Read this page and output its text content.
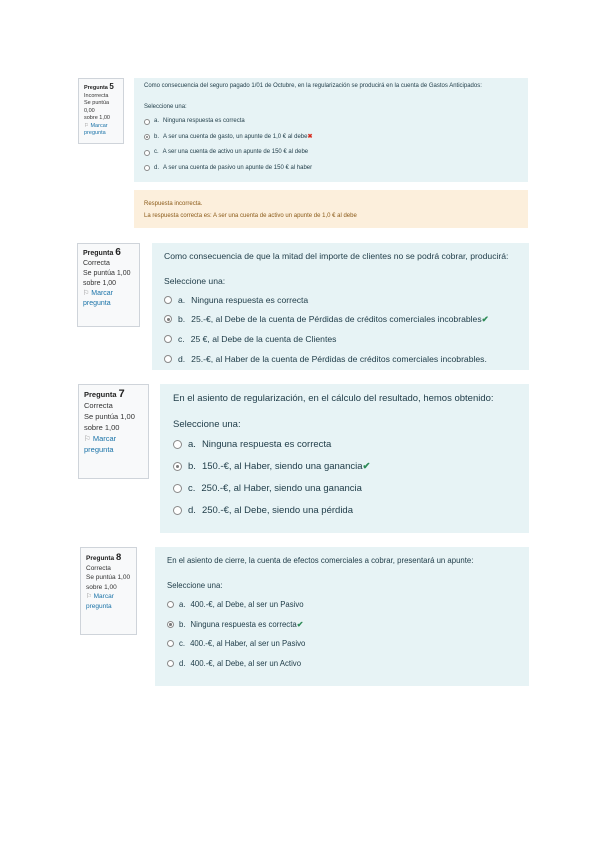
Pregunta 5
Incorrecta
Se puntúa 0,00
sobre 1,00
⚐ Marcar
pregunta
Como consecuencia del seguro pagado 1/01 de Octubre, en la regularización se producirá en la cuenta de Gastos Anticipados:
Seleccione una:
a. Ninguna respuesta es correcta
b. A ser una cuenta de gasto, un apunte de 1,0 € al debe✖
c. A ser una cuenta de activo un apunte de 150 € al debe
d. A ser una cuenta de pasivo un apunte de 150 € al haber
Respuesta incorrecta.
La respuesta correcta es: A ser una cuenta de activo un apunte de 1,0 € al debe
Pregunta 6
Correcta
Se puntúa 1,00
sobre 1,00
⚐ Marcar
pregunta
Como consecuencia de que la mitad del importe de clientes no se podrá cobrar, producirá:
Seleccione una:
a. Ninguna respuesta es correcta
b. 25.-€, al Debe de la cuenta de Pérdidas de créditos comerciales incobrables✔
c. 25 €, al Debe de la cuenta de Clientes
d. 25.-€, al Haber de la cuenta de Pérdidas de créditos comerciales incobrables.
Pregunta 7
Correcta
Se puntúa 1,00
sobre 1,00
⚐ Marcar
pregunta
En el asiento de regularización, en el cálculo del resultado, hemos obtenido:
Seleccione una:
a. Ninguna respuesta es correcta
b. 150.-€, al Haber, siendo una ganancia✔
c. 250.-€, al Haber, siendo una ganancia
d. 250.-€, al Debe, siendo una pérdida
Pregunta 8
Correcta
Se puntúa 1,00
sobre 1,00
⚐ Marcar
pregunta
En el asiento de cierre, la cuenta de efectos comerciales a cobrar, presentará un apunte:
Seleccione una:
a. 400.-€, al Debe, al ser un Pasivo
b. Ninguna respuesta es correcta✔
c. 400.-€, al Haber, al ser un Pasivo
d. 400.-€, al Debe, al ser un Activo
